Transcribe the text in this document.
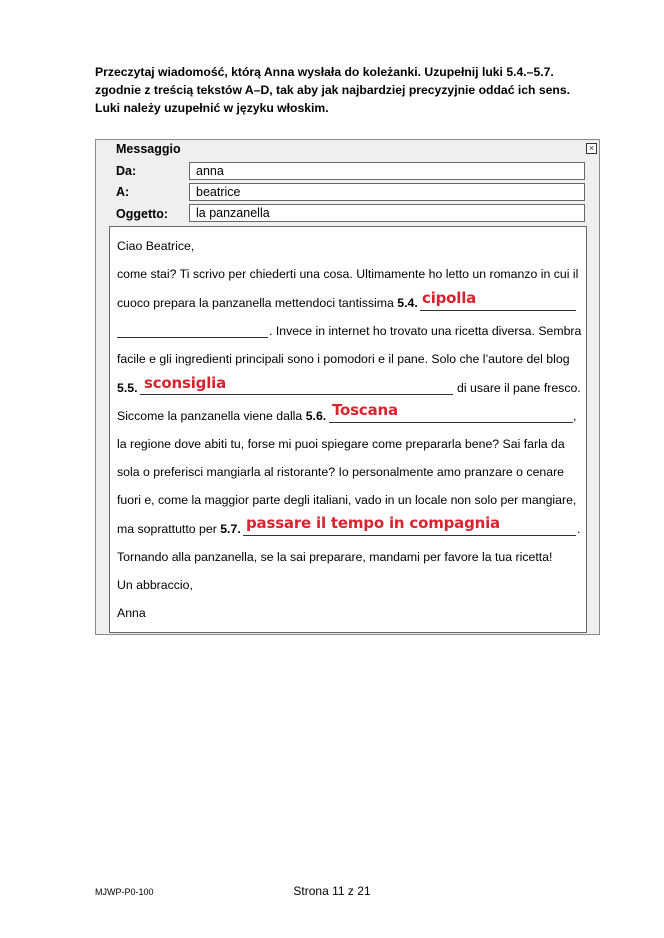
Przeczytaj wiadomość, którą Anna wysłała do koleżanki. Uzupełnij luki 5.4.–5.7.
zgodnie z treścią tekstów A–D, tak aby jak najbardziej precyzyjnie oddać ich sens.
Luki należy uzupełnić w języku włoskim.
Messaggio	×
Da:	anna
A:	beatrice
Oggetto:	la panzanella
Ciao Beatrice,
come stai? Ti scrivo per chiederti una cosa. Ultimamente ho letto un romanzo in cui il
cuoco prepara la panzanella mettendoci tantissima 5.4. cipolla
. Invece in internet ho trovato una ricetta diversa. Sembra
facile e gli ingredienti principali sono i pomodori e il pane. Solo che l’autore del blog
5.5. sconsiglia	di usare il pane fresco.
Siccome la panzanella viene dalla 5.6. Toscana	,
la regione dove abiti tu, forse mi puoi spiegare come prepararla bene? Sai farla da
sola o preferisci mangiarla al ristorante? Io personalmente amo pranzare o cenare
fuori e, come la maggior parte degli italiani, vado in un locale non solo per mangiare,
ma soprattutto per 5.7. passare il tempo in compagnia	.
Tornando alla panzanella, se la sai preparare, mandami per favore la tua ricetta!
Un abbraccio,
Anna
MJWP-P0-100	Strona 11 z 21
